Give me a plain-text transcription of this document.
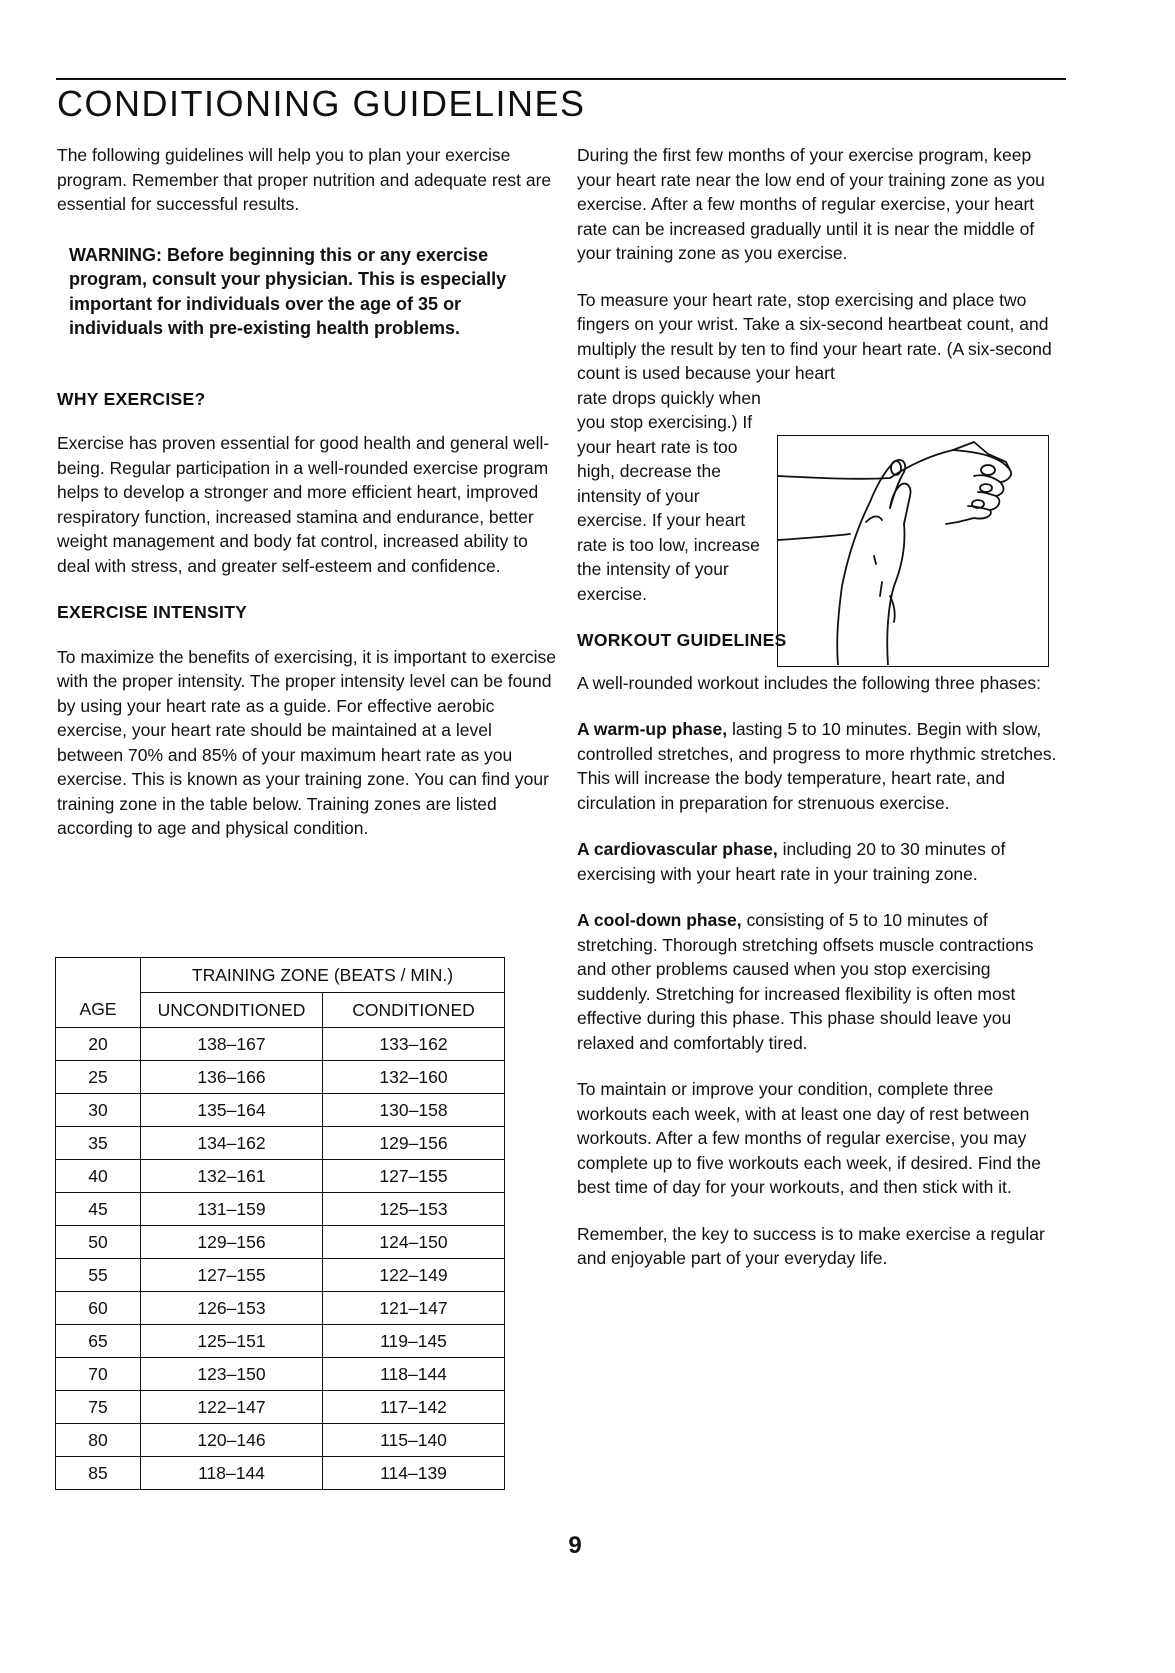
CONDITIONING GUIDELINES

The following guidelines will help you to plan your exercise program. Remember that proper nutrition and adequate rest are essential for successful results.

WARNING: Before beginning this or any exercise program, consult your physician. This is especially important for individuals over the age of 35 or individuals with pre-existing health problems.

WHY EXERCISE?

Exercise has proven essential for good health and general well-being. Regular participation in a well-rounded exercise program helps to develop a stronger and more efficient heart, improved respiratory function, increased stamina and endurance, better weight management and body fat control, increased ability to deal with stress, and greater self-esteem and confidence.

EXERCISE INTENSITY

To maximize the benefits of exercising, it is important to exercise with the proper intensity. The proper intensity level can be found by using your heart rate as a guide. For effective aerobic exercise, your heart rate should be maintained at a level between 70% and 85% of your maximum heart rate as you exercise. This is known as your training zone. You can find your training zone in the table below. Training zones are listed according to age and physical condition.

	TRAINING ZONE (BEATS / MIN.)	
AGE	UNCONDITIONED	CONDITIONED
20	138–167	133–162
25	136–166	132–160
30	135–164	130–158
35	134–162	129–156
40	132–161	127–155
45	131–159	125–153
50	129–156	124–150
55	127–155	122–149
60	126–153	121–147
65	125–151	119–145
70	123–150	118–144
75	122–147	117–142
80	120–146	115–140
85	118–144	114–139

During the first few months of your exercise program, keep your heart rate near the low end of your training zone as you exercise. After a few months of regular exercise, your heart rate can be increased gradually until it is near the middle of your training zone as you exercise.

To measure your heart rate, stop exercising and place two fingers on your wrist. Take a six-second heartbeat count, and multiply the result by ten to find your heart rate. (A six-second count is used because your heart

rate drops quickly when you stop exercising.) If your heart rate is too high, decrease the intensity of your exercise. If your heart rate is too low, increase the intensity of your exercise.

WORKOUT GUIDELINES

A well-rounded workout includes the following three phases:

A warm-up phase, lasting 5 to 10 minutes. Begin with slow, controlled stretches, and progress to more rhythmic stretches. This will increase the body temperature, heart rate, and circulation in preparation for strenuous exercise.

A cardiovascular phase, including 20 to 30 minutes of exercising with your heart rate in your training zone.

A cool-down phase, consisting of 5 to 10 minutes of stretching. Thorough stretching offsets muscle contractions and other problems caused when you stop exercising suddenly. Stretching for increased flexibility is often most effective during this phase. This phase should leave you relaxed and comfortably tired.

To maintain or improve your condition, complete three workouts each week, with at least one day of rest between workouts. After a few months of regular exercise, you may complete up to five workouts each week, if desired. Find the best time of day for your workouts, and then stick with it.

Remember, the key to success is to make exercise a regular and enjoyable part of your everyday life.

9
